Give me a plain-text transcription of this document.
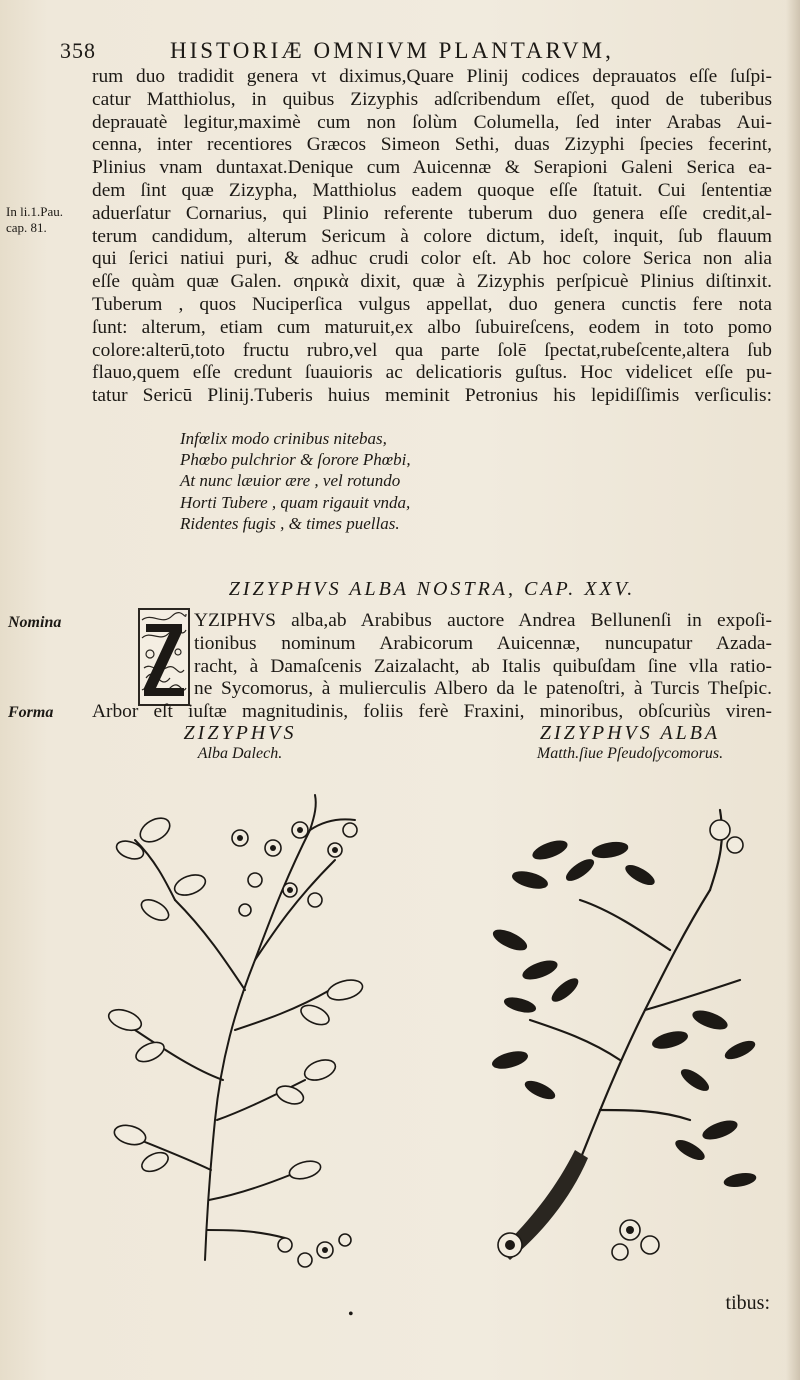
358	HISTORIÆ OMNIVM PLANTARVM,
rum duo tradidit genera vt diximus,Quare Plinij codices deprauatos eſſe ſuſpi-
catur Matthiolus, in quibus Zizyphis adſcribendum eſſet, quod de tuberibus
deprauatè legitur,maximè cum non ſolùm Columella, ſed inter Arabas Aui-
cenna, inter recentiores Græcos Simeon Sethi, duas Zizyphi ſpecies fecerint,
Plinius vnam duntaxat.Denique cum Auicennæ & Serapioni Galeni Serica ea-
dem ſint quæ Zizypha, Matthiolus eadem quoque eſſe ſtatuit. Cui ſententiæ
aduerſatur Cornarius, qui Plinio referente tuberum duo genera eſſe credit,al-
terum candidum, alterum Sericum à colore dictum, ideſt, inquit, ſub flauum
qui ſerici natiui puri, & adhuc crudi color eſt. Ab hoc colore Serica non alia
eſſe quàm quæ Galen. σηρικὰ dixit, quæ à Zizyphis perſpicuè Plinius diſtinxit.
Tuberum , quos Nuciperſica vulgus appellat, duo genera cunctis fere nota
ſunt: alterum, etiam cum maturuit,ex albo ſubuireſcens, eodem in toto pomo
colore:alterū,toto fructu rubro,vel qua parte ſolē ſpectat,rubeſcente,altera ſub
flauo,quem eſſe credunt ſuauioris ac delicatioris guſtus. Hoc videlicet eſſe pu-
tatur Sericū Plinij.Tuberis huius meminit Petronius his lepidiſſimis verſiculis:
In li.1.Pau.
cap. 81.
Infœlix modo crinibus nitebas,
Phœbo pulchrior & ſorore Phœbi,
At nunc læuior ære , vel rotundo
Horti Tubere , quam rigauit vnda,
Ridentes fugis , & times puellas.
ZIZYPHVS ALBA NOSTRA, CAP. XXV.
YZIPHVS alba,ab Arabibus auctore Andrea Bellunenſi in expoſi-
tionibus nominum Arabicorum Auicennæ, nuncupatur Azada-
racht, à Damaſcenis Zaizalacht, ab Italis quibuſdam ſine vlla ratio-
ne Sycomorus, à mulierculis Albero da le patenoſtri, à Turcis Theſpic.
Arbor eſt iuſtæ magnitudinis, foliis ferè Fraxini, minoribus, obſcuriùs viren-
Nomina
Forma
ZIZYPHVS
Alba Dalech.
ZIZYPHVS ALBA
Matth.ſiue Pſeudoſycomorus.
tibus:
•
